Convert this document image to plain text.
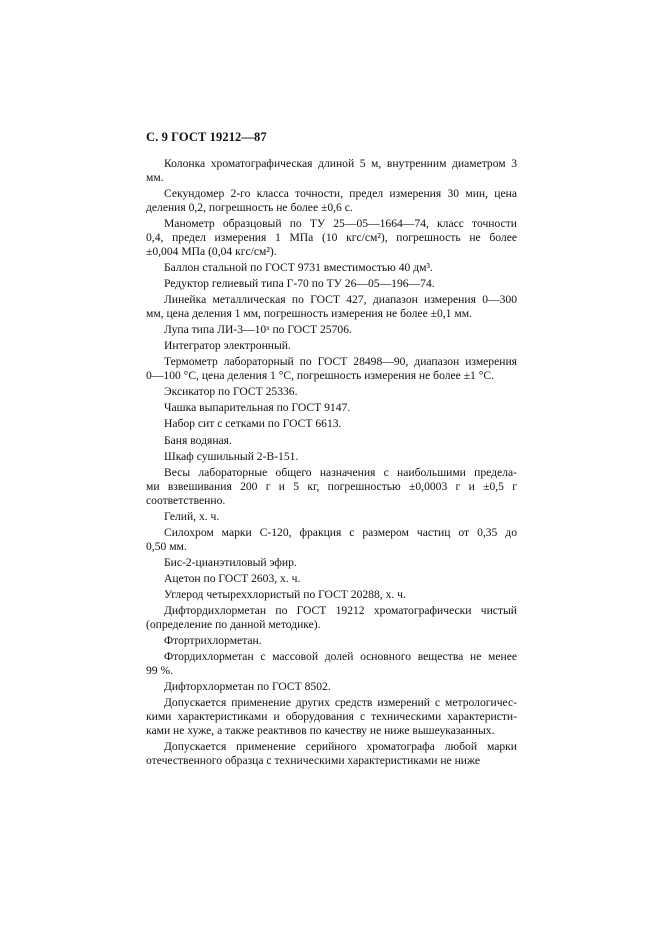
С. 9 ГОСТ 19212—87
Колонка хроматографическая длиной 5 м, внутренним диаметром 3 мм.
Секундомер 2-го класса точности, предел измерения 30 мин, цена
деления 0,2, погрешность не более ±0,6 с.
Манометр образцовый по ТУ 25—05—1664—74, класс точности
0,4, предел измерения 1 МПа (10 кгс/см²), погрешность не более
±0,004 МПа (0,04 кгс/см²).
Баллон стальной по ГОСТ 9731 вместимостью 40 дм³.
Редуктор гелиевый типа Г-70 по ТУ 26—05—196—74.
Линейка металлическая по ГОСТ 427, диапазон измерения 0—300
мм, цена деления 1 мм, погрешность измерения не более ±0,1 мм.
Лупа типа ЛИ-3—10ˣ по ГОСТ 25706.
Интегратор электронный.
Термометр лабораторный по ГОСТ 28498—90, диапазон измерения
0—100 °С, цена деления 1 °С, погрешность измерения не более ±1 °С.
Эксикатор по ГОСТ 25336.
Чашка выпарительная по ГОСТ 9147.
Набор сит с сетками по ГОСТ 6613.
Баня водяная.
Шкаф сушильный 2-В-151.
Весы лабораторные общего назначения с наибольшими предела-
ми взвешивания 200 г и 5 кг, погрешностью ±0,0003 г и ±0,5 г
соответственно.
Гелий, х. ч.
Силохром марки С-120, фракция с размером частиц от 0,35 до
0,50 мм.
Бис-2-цианэтиловый эфир.
Ацетон по ГОСТ 2603, х. ч.
Углерод четыреххлористый по ГОСТ 20288, х. ч.
Дифтордихлорметан по ГОСТ 19212 хроматографически чистый
(определение по данной методике).
Фтортрихлорметан.
Фтордихлорметан с массовой долей основного вещества не менее
99 %.
Дифторхлорметан по ГОСТ 8502.
Допускается применение других средств измерений с метрологичес-
кими характеристиками и оборудования с техническими характеристи-
ками не хуже, а также реактивов по качеству не ниже вышеуказанных.
Допускается применение серийного хроматографа любой марки
отечественного образца с техническими характеристиками не ниже
